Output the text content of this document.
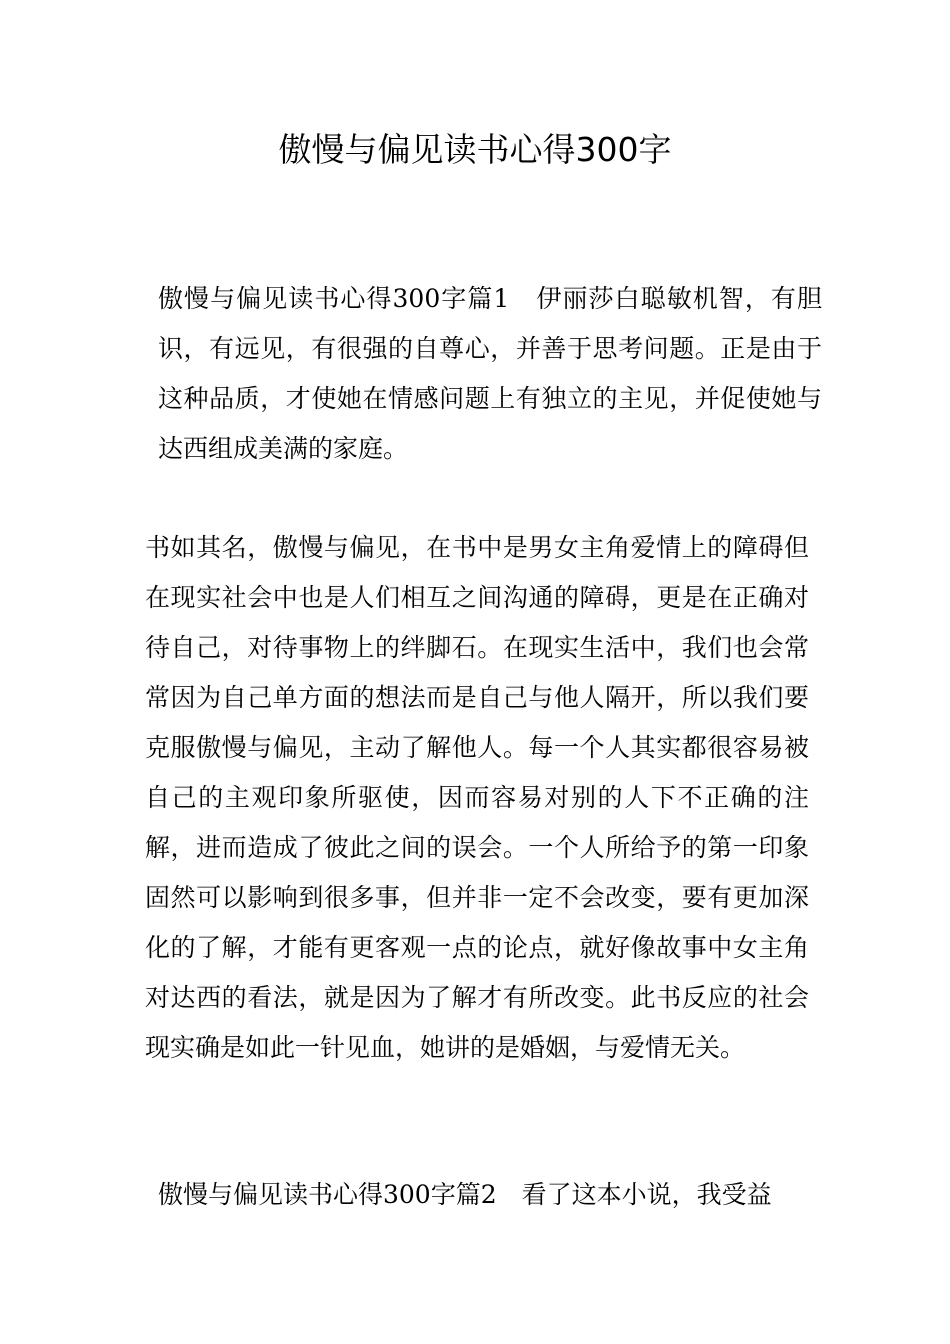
傲慢与偏见读书心得300字

傲慢与偏见读书心得300字篇1　伊丽莎白聪敏机智，有胆识，有远见，有很强的自尊心，并善于思考问题。正是由于这种品质，才使她在情感问题上有独立的主见，并促使她与达西组成美满的家庭。

书如其名，傲慢与偏见，在书中是男女主角爱情上的障碍但在现实社会中也是人们相互之间沟通的障碍，更是在正确对待自己，对待事物上的绊脚石。在现实生活中，我们也会常常因为自己单方面的想法而是自己与他人隔开，所以我们要克服傲慢与偏见，主动了解他人。每一个人其实都很容易被自己的主观印象所驱使，因而容易对别的人下不正确的注解，进而造成了彼此之间的误会。一个人所给予的第一印象固然可以影响到很多事，但并非一定不会改变，要有更加深化的了解，才能有更客观一点的论点，就好像故事中女主角对达西的看法，就是因为了解才有所改变。此书反应的社会现实确是如此一针见血，她讲的是婚姻，与爱情无关。

傲慢与偏见读书心得300字篇2　看了这本小说，我受益
